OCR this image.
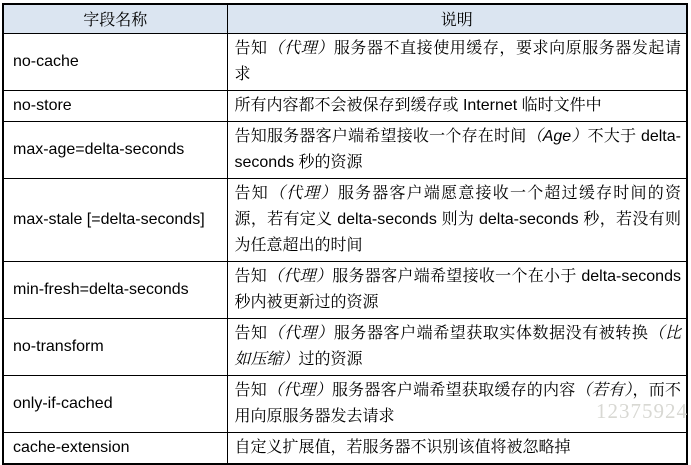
字段名称	说明
no-cache	告知（代理）服务器不直接使用缓存，要求向原服务器发起请求
no-store	所有内容都不会被保存到缓存或 Internet 临时文件中
max-age=delta-seconds	告知服务器客户端希望接收一个存在时间（Age）不大于 delta-seconds 秒的资源
max-stale [=delta-seconds]	告知（代理）服务器客户端愿意接收一个超过缓存时间的资源，若有定义 delta-seconds 则为 delta-seconds 秒，若没有则为任意超出的时间
min-fresh=delta-seconds	告知（代理）服务器客户端希望接收一个在小于 delta-seconds 秒内被更新过的资源
no-transform	告知（代理）服务器客户端希望获取实体数据没有被转换（比如压缩）过的资源
only-if-cached	告知（代理）服务器客户端希望获取缓存的内容（若有），而不用向原服务器发去请求
cache-extension	自定义扩展值，若服务器不识别该值将被忽略掉
12375924
